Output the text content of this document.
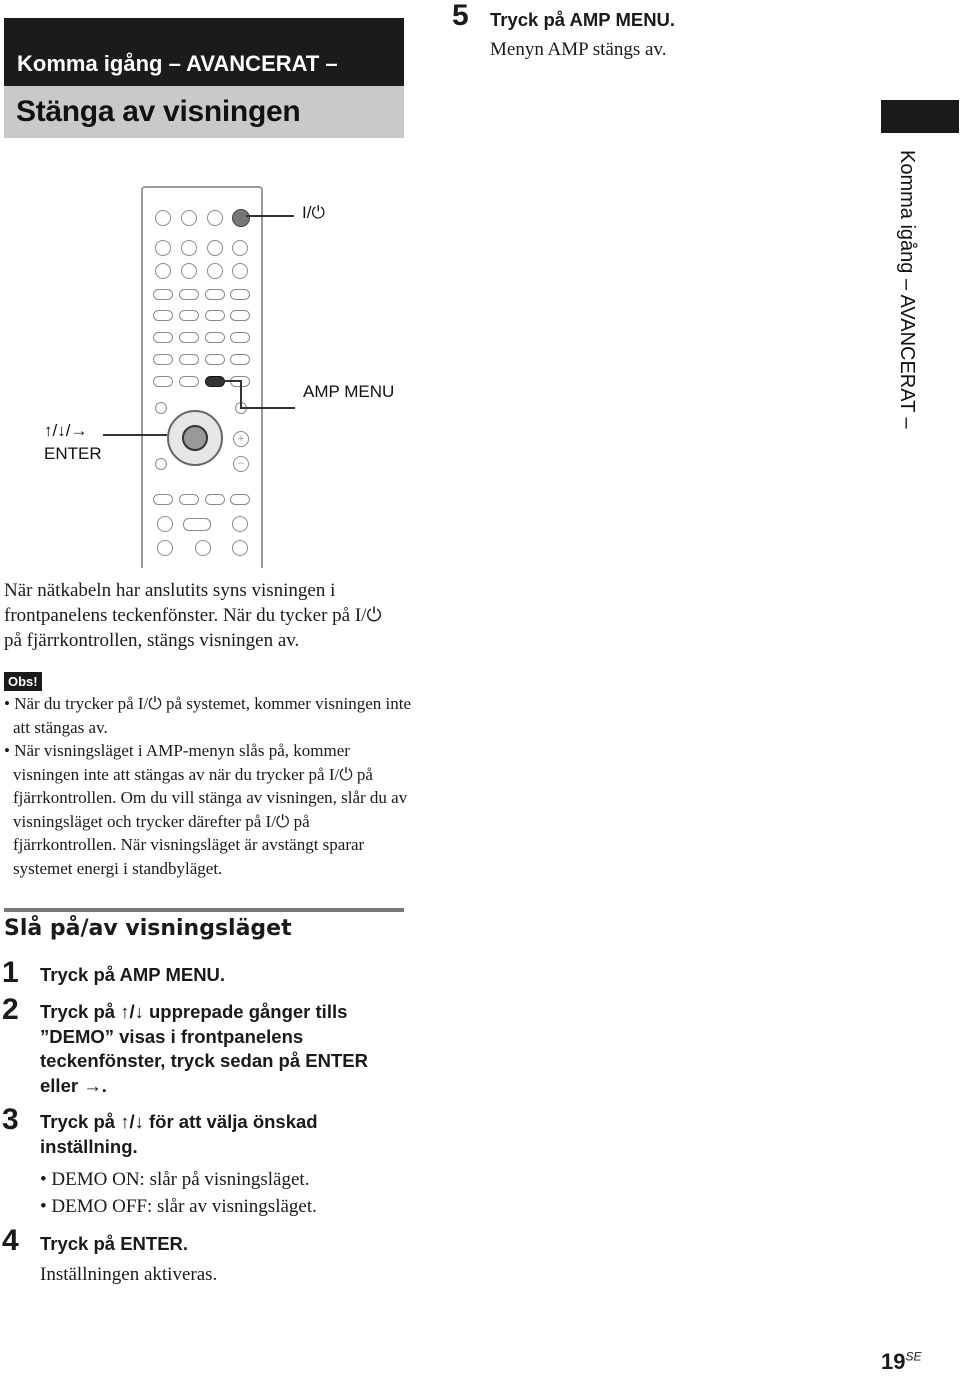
Komma igång – AVANCERAT –
Stänga av visningen
Komma igång – AVANCERAT –
+
−
I/⏻
AMP MENU
↑/↓/→
ENTER

När nätkabeln har anslutits syns visningen i frontpanelens teckenfönster. När du tycker på I/⏻ på fjärrkontrollen, stängs visningen av.

Obs!

• När du trycker på I/⏻ på systemet, kommer visningen inte att stängas av.

• När visningsläget i AMP-menyn slås på, kommer visningen inte att stängas av när du trycker på I/⏻ på fjärrkontrollen. Om du vill stänga av visningen, slår du av visningsläget och trycker därefter på I/⏻ på fjärrkontrollen. När visningsläget är avstängt sparar systemet energi i standbyläget.

Slå på/av visningsläget
1 Tryck på AMP MENU.
2 Tryck på ↑/↓ upprepade gånger tills ”DEMO” visas i frontpanelens teckenfönster, tryck sedan på ENTER eller →.
3 Tryck på ↑/↓ för att välja önskad inställning.
• DEMO ON: slår på visningsläget.
• DEMO OFF: slår av visningsläget.
4 Tryck på ENTER.
Inställningen aktiveras.
5 Tryck på AMP MENU.
Menyn AMP stängs av.
$19^{SE}$
